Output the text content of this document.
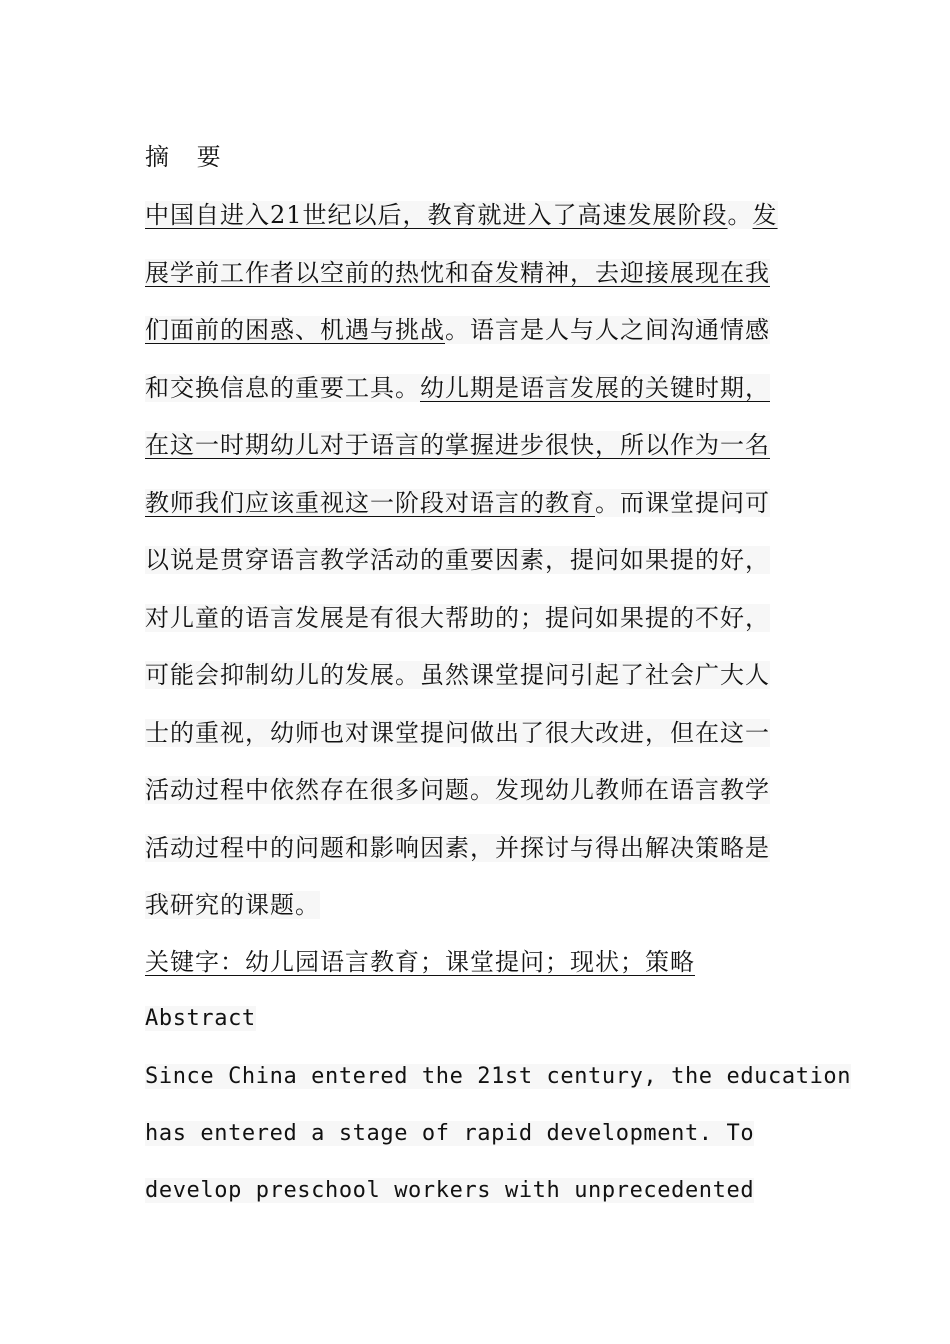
摘 要
中国自进入21世纪以后，教育就进入了高速发展阶段。发
展学前工作者以空前的热忱和奋发精神，去迎接展现在我
们面前的困惑、机遇与挑战。语言是人与人之间沟通情感
和交换信息的重要工具。幼儿期是语言发展的关键时期，
在这一时期幼儿对于语言的掌握进步很快，所以作为一名
教师我们应该重视这一阶段对语言的教育。而课堂提问可
以说是贯穿语言教学活动的重要因素，提问如果提的好，
对儿童的语言发展是有很大帮助的；提问如果提的不好，
可能会抑制幼儿的发展。虽然课堂提问引起了社会广大人
士的重视，幼师也对课堂提问做出了很大改进，但在这一
活动过程中依然存在很多问题。发现幼儿教师在语言教学
活动过程中的问题和影响因素，并探讨与得出解决策略是
我研究的课题。
关键字：幼儿园语言教育；课堂提问；现状；策略
Abstract
Since China entered the 21st century, the education
has entered a stage of rapid development. To
develop preschool workers with unprecedented
